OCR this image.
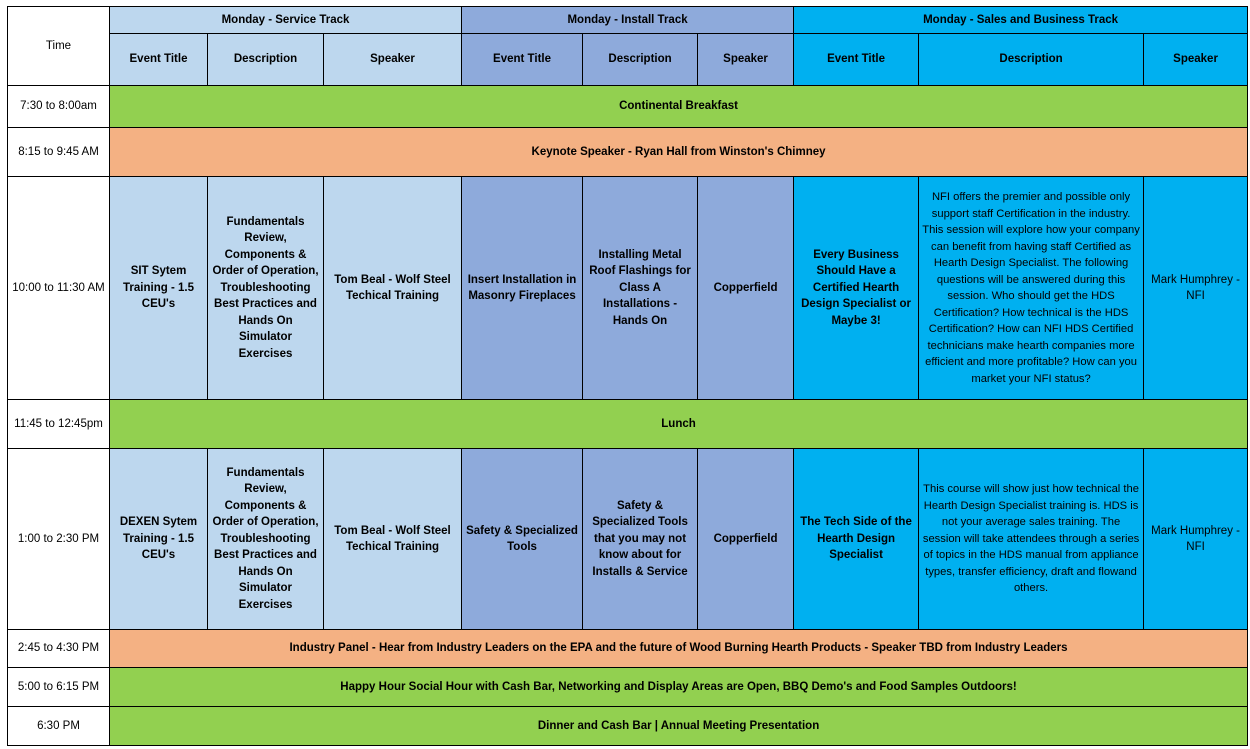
Time	Monday - Service Track			Monday - Install Track			Monday - Sales and Business Track		
	Event Title	Description	Speaker	Event Title	Description	Speaker	Event Title	Description	Speaker
7:30 to 8:00am	Continental Breakfast								
8:15 to 9:45 AM	Keynote Speaker - Ryan Hall from Winston's Chimney								
10:00 to 11:30 AM	SIT Sytem Training - 1.5 CEU's	Fundamentals Review, Components & Order of Operation, Troubleshooting Best Practices and Hands On Simulator Exercises	Tom Beal - Wolf Steel Techical Training	Insert Installation in Masonry Fireplaces	Installing Metal Roof Flashings for Class A Installations - Hands On	Copperfield	Every Business Should Have a Certified Hearth Design Specialist or Maybe 3!	NFI offers the premier and possible only support staff Certification in the industry. This session will explore how your company can benefit from having staff Certified as Hearth Design Specialist. The following questions will be answered during this session. Who should get the HDS Certification? How technical is the HDS Certification? How can NFI HDS Certified technicians make hearth companies more efficient and more profitable? How can you market your NFI status?	Mark Humphrey - NFI
11:45 to 12:45pm	Lunch								
1:00 to 2:30 PM	DEXEN Sytem Training - 1.5 CEU's	Fundamentals Review, Components & Order of Operation, Troubleshooting Best Practices and Hands On Simulator Exercises	Tom Beal - Wolf Steel Techical Training	Safety & Specialized Tools	Safety & Specialized Tools that you may not know about for Installs & Service	Copperfield	The Tech Side of the Hearth Design Specialist	This course will show just how technical the Hearth Design Specialist training is. HDS is not your average sales training. The session will take attendees through a series of topics in the HDS manual from appliance types, transfer efficiency, draft and flowand others.	Mark Humphrey - NFI
2:45 to 4:30 PM	Industry Panel - Hear from Industry Leaders on the EPA and the future of Wood Burning Hearth Products - Speaker TBD from Industry Leaders								
5:00 to 6:15 PM	Happy Hour Social Hour with Cash Bar, Networking and Display Areas are Open, BBQ Demo's and Food Samples Outdoors!								
6:30 PM	Dinner and Cash Bar | Annual Meeting Presentation								
